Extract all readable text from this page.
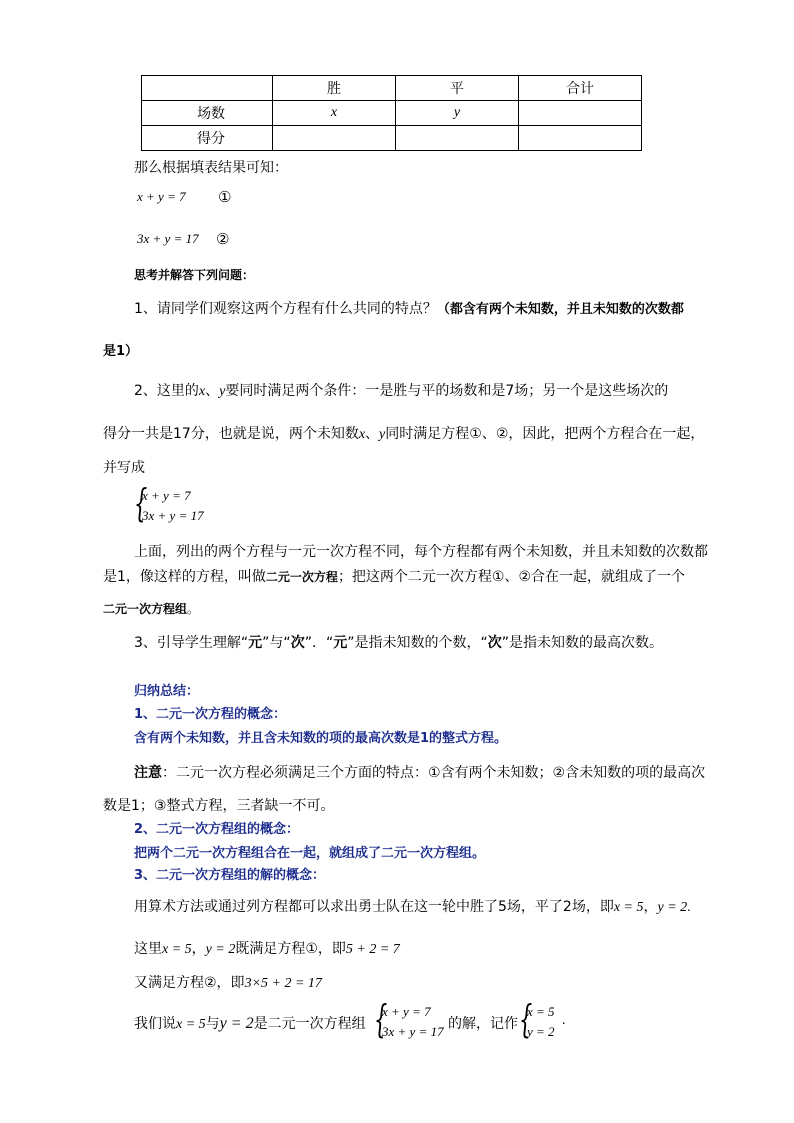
	胜	平	合计
场数	x	y	
得分			
那么根据填表结果可知：
x + y = 7 ①
3x + y = 17 ②
思考并解答下列问题：
1、请同学们观察这两个方程有什么共同的特点？（都含有两个未知数，并且未知数的次数都
是1）
2、这里的x、y要同时满足两个条件：一是胜与平的场数和是7场；另一个是这些场次的
得分一共是17分，也就是说，两个未知数x、y同时满足方程①、②，因此，把两个方程合在一起，
并写成
{
x + y = 7
3x + y = 17
上面，列出的两个方程与一元一次方程不同，每个方程都有两个未知数，并且未知数的次数都
是1，像这样的方程，叫做二元一次方程；把这两个二元一次方程①、②合在一起，就组成了一个
二元一次方程组。
3、引导学生理解“元”与“次”．“元”是指未知数的个数，“次”是指未知数的最高次数。
归纳总结：
1、二元一次方程的概念：
含有两个未知数，并且含未知数的项的最高次数是1的整式方程。
注意：二元一次方程必须满足三个方面的特点：①含有两个未知数；②含未知数的项的最高次
数是1；③整式方程，三者缺一不可。
2、二元一次方程组的概念：
把两个二元一次方程组合在一起，就组成了二元一次方程组。
3、二元一次方程组的解的概念：
用算术方法或通过列方程都可以求出勇士队在这一轮中胜了5场，平了2场，即x = 5，y = 2.
这里x = 5，y = 2既满足方程①，即5 + 2 = 7
又满足方程②，即3×5 + 2 = 17
我们说x = 5与y = 2是二元一次方程组 {
x + y = 7
3x + y = 17 的解，记作 {
x = 5
y = 2
.
